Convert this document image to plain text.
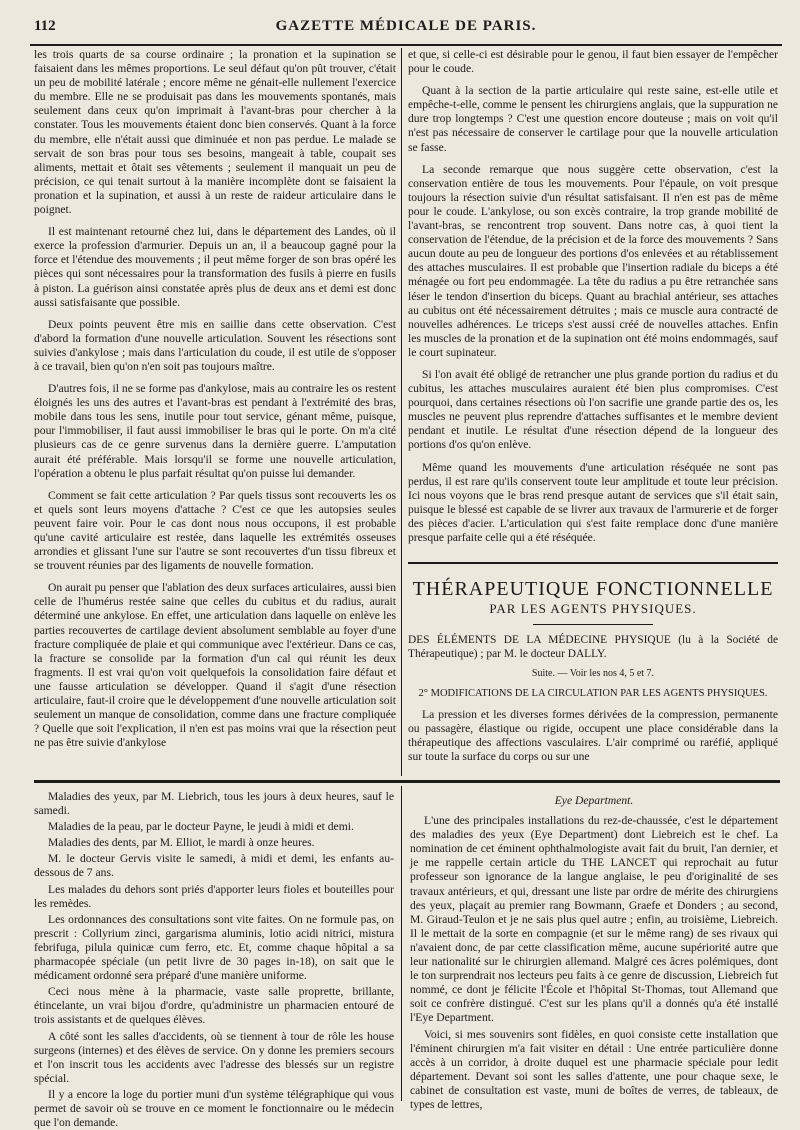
112	GAZETTE MÉDICALE DE PARIS.

les trois quarts de sa course ordinaire ; la pronation et la supination se faisaient dans les mêmes proportions. Le seul défaut qu'on pût trouver, c'était un peu de mobilité latérale ; encore même ne génait-elle nullement l'exercice du membre. Elle ne se produisait pas dans les mouvements spontanés, mais seulement dans ceux qu'on imprimait à l'avant-bras pour chercher à la constater. Tous les mouvements étaient donc bien conservés. Quant à la force du membre, elle n'était aussi que diminuée et non pas perdue. Le malade se servait de son bras pour tous ses besoins, mangeait à table, coupait ses aliments, mettait et ôtait ses vêtements ; seulement il manquait un peu de précision, ce qui tenait surtout à la manière incomplète dont se faisaient la pronation et la supination, et aussi à un reste de raideur articulaire dans le poignet.

Il est maintenant retourné chez lui, dans le département des Landes, où il exerce la profession d'armurier. Depuis un an, il a beaucoup gagné pour la force et l'étendue des mouvements ; il peut même forger de son bras opéré les pièces qui sont nécessaires pour la transformation des fusils à pierre en fusils à piston. La guérison ainsi constatée après plus de deux ans et demi est donc aussi satisfaisante que possible.

Deux points peuvent être mis en saillie dans cette observation. C'est d'abord la formation d'une nouvelle articulation. Souvent les résections sont suivies d'ankylose ; mais dans l'articulation du coude, il est utile de s'opposer à ce travail, bien qu'on n'en soit pas toujours maître.

D'autres fois, il ne se forme pas d'ankylose, mais au contraire les os restent éloignés les uns des autres et l'avant-bras est pendant à l'extrémité des bras, mobile dans tous les sens, inutile pour tout service, génant même, puisque, pour l'immobiliser, il faut aussi immobiliser le bras qui le porte. On m'a cité plusieurs cas de ce genre survenus dans la dernière guerre. L'amputation aurait été préférable. Mais lorsqu'il se forme une nouvelle articulation, l'opération a obtenu le plus parfait résultat qu'on puisse lui demander.

Comment se fait cette articulation ? Par quels tissus sont recouverts les os et quels sont leurs moyens d'attache ? C'est ce que les autopsies seules peuvent faire voir. Pour le cas dont nous nous occupons, il est probable qu'une cavité articulaire est restée, dans laquelle les extrémités osseuses arrondies et glissant l'une sur l'autre se sont recouvertes d'un tissu fibreux et se trouvent réunies par des ligaments de nouvelle formation.

On aurait pu penser que l'ablation des deux surfaces articulaires, aussi bien celle de l'humérus restée saine que celles du cubitus et du radius, aurait déterminé une ankylose. En effet, une articulation dans laquelle on enlève les parties recouvertes de cartilage devient absolument semblable au foyer d'une fracture compliquée de plaie et qui communique avec l'extérieur. Dans ce cas, la fracture se consolide par la formation d'un cal qui réunit les deux fragments. Il est vrai qu'on voit quelquefois la consolidation faire défaut et une fausse articulation se développer. Quand il s'agit d'une résection articulaire, faut-il croire que le développement d'une nouvelle articulation soit seulement un manque de consolidation, comme dans une fracture compliquée ? Quelle que soit l'explication, il n'en est pas moins vrai que la résection peut ne pas être suivie d'ankylose

et que, si celle-ci est désirable pour le genou, il faut bien essayer de l'empêcher pour le coude.

Quant à la section de la partie articulaire qui reste saine, est-elle utile et empêche-t-elle, comme le pensent les chirurgiens anglais, que la suppuration ne dure trop longtemps ? C'est une question encore douteuse ; mais on voit qu'il n'est pas nécessaire de conserver le cartilage pour que la nouvelle articulation se fasse.

La seconde remarque que nous suggère cette observation, c'est la conservation entière de tous les mouvements. Pour l'épaule, on voit presque toujours la résection suivie d'un résultat satisfaisant. Il n'en est pas de même pour le coude. L'ankylose, ou son excès contraire, la trop grande mobilité de l'avant-bras, se rencontrent trop souvent. Dans notre cas, à quoi tient la conservation de l'étendue, de la précision et de la force des mouvements ? Sans aucun doute au peu de longueur des portions d'os enlevées et au rétablissement des attaches musculaires. Il est probable que l'insertion radiale du biceps a été ménagée ou fort peu endommagée. La tête du radius a pu être retranchée sans léser le tendon d'insertion du biceps. Quant au brachial antérieur, ses attaches au cubitus ont été nécessairement détruites ; mais ce muscle aura contracté de nouvelles adhérences. Le triceps s'est aussi créé de nouvelles attaches. Enfin les muscles de la pronation et de la supination ont été moins endommagés, sauf le court supinateur.

Si l'on avait été obligé de retrancher une plus grande portion du radius et du cubitus, les attaches musculaires auraient été bien plus compromises. C'est pourquoi, dans certaines résections où l'on sacrifie une grande partie des os, les muscles ne peuvent plus reprendre d'attaches suffisantes et le membre devient pendant et inutile. Le résultat d'une résection dépend de la longueur des portions d'os qu'on enlève.

Même quand les mouvements d'une articulation réséquée ne sont pas perdus, il est rare qu'ils conservent toute leur amplitude et toute leur précision. Ici nous voyons que le bras rend presque autant de services que s'il était sain, puisque le blessé est capable de se livrer aux travaux de l'armurerie et de forger des pièces d'acier. L'articulation qui s'est faite remplace donc d'une manière presque parfaite celle qui a été réséquée.

THÉRAPEUTIQUE FONCTIONNELLE
PAR LES AGENTS PHYSIQUES.

DES ÉLÉMENTS DE LA MÉDECINE PHYSIQUE (lu à la Société de Thérapeutique) ; par M. le docteur DALLY.

Suite. — Voir les nos 4, 5 et 7.
2° MODIFICATIONS DE LA CIRCULATION PAR LES AGENTS PHYSIQUES.

La pression et les diverses formes dérivées de la compression, permanente ou passagère, élastique ou rigide, occupent une place considérable dans la thérapeutique des affections vasculaires. L'air comprimé ou raréfié, appliqué sur toute la surface du corps ou sur une

Maladies des yeux, par M. Liebrich, tous les jours à deux heures, sauf le samedi.

Maladies de la peau, par le docteur Payne, le jeudi à midi et demi.

Maladies des dents, par M. Elliot, le mardi à onze heures.

M. le docteur Gervis visite le samedi, à midi et demi, les enfants au-dessous de 7 ans.

Les malades du dehors sont priés d'apporter leurs fioles et bouteilles pour les remèdes.

Les ordonnances des consultations sont vite faites. On ne formule pas, on prescrit : Collyrium zinci, gargarisma aluminis, lotio acidi nitrici, mistura febrifuga, pilula quinicæ cum ferro, etc. Et, comme chaque hôpital a sa pharmacopée spéciale (un petit livre de 30 pages in-18), on sait que le médicament ordonné sera préparé d'une manière uniforme.

Ceci nous mène à la pharmacie, vaste salle proprette, brillante, étincelante, un vrai bijou d'ordre, qu'administre un pharmacien entouré de trois assistants et de quelques élèves.

A côté sont les salles d'accidents, où se tiennent à tour de rôle les house surgeons (internes) et des élèves de service. On y donne les premiers secours et l'on inscrit tous les accidents avec l'adresse des blessés sur un registre spécial.

Il y a encore la loge du portier muni d'un système télégraphique qui vous permet de savoir où se trouve en ce moment le fonctionnaire ou le médecin que l'on demande.

Eye Department.

L'une des principales installations du rez-de-chaussée, c'est le département des maladies des yeux (Eye Department) dont Liebreich est le chef. La nomination de cet éminent ophthalmologiste avait fait du bruit, l'an dernier, et je me rappelle certain article du THE LANCET qui reprochait au futur professeur son ignorance de la langue anglaise, le peu d'originalité de ses travaux antérieurs, et qui, dressant une liste par ordre de mérite des chirurgiens des yeux, plaçait au premier rang Bowmann, Graefe et Donders ; au second, M. Giraud-Teulon et je ne sais plus quel autre ; enfin, au troisième, Liebreich. Il le mettait de la sorte en compagnie (et sur le même rang) de ses rivaux qui n'avaient donc, de par cette classification même, aucune supériorité autre que leur nationalité sur le chirurgien allemand. Malgré ces âcres polémiques, dont le ton surprendrait nos lecteurs peu faits à ce genre de discussion, Liebreich fut nommé, ce dont je félicite l'École et l'hôpital St-Thomas, tout Allemand que soit ce confrère distingué. C'est sur les plans qu'il a donnés qu'a été installé l'Eye Department.

Voici, si mes souvenirs sont fidèles, en quoi consiste cette installation que l'éminent chirurgien m'a fait visiter en détail : Une entrée particulière donne accès à un corridor, à droite duquel est une pharmacie spéciale pour ledit département. Devant soi sont les salles d'attente, une pour chaque sexe, le cabinet de consultation est vaste, muni de boîtes de verres, de tableaux, de types de lettres,
